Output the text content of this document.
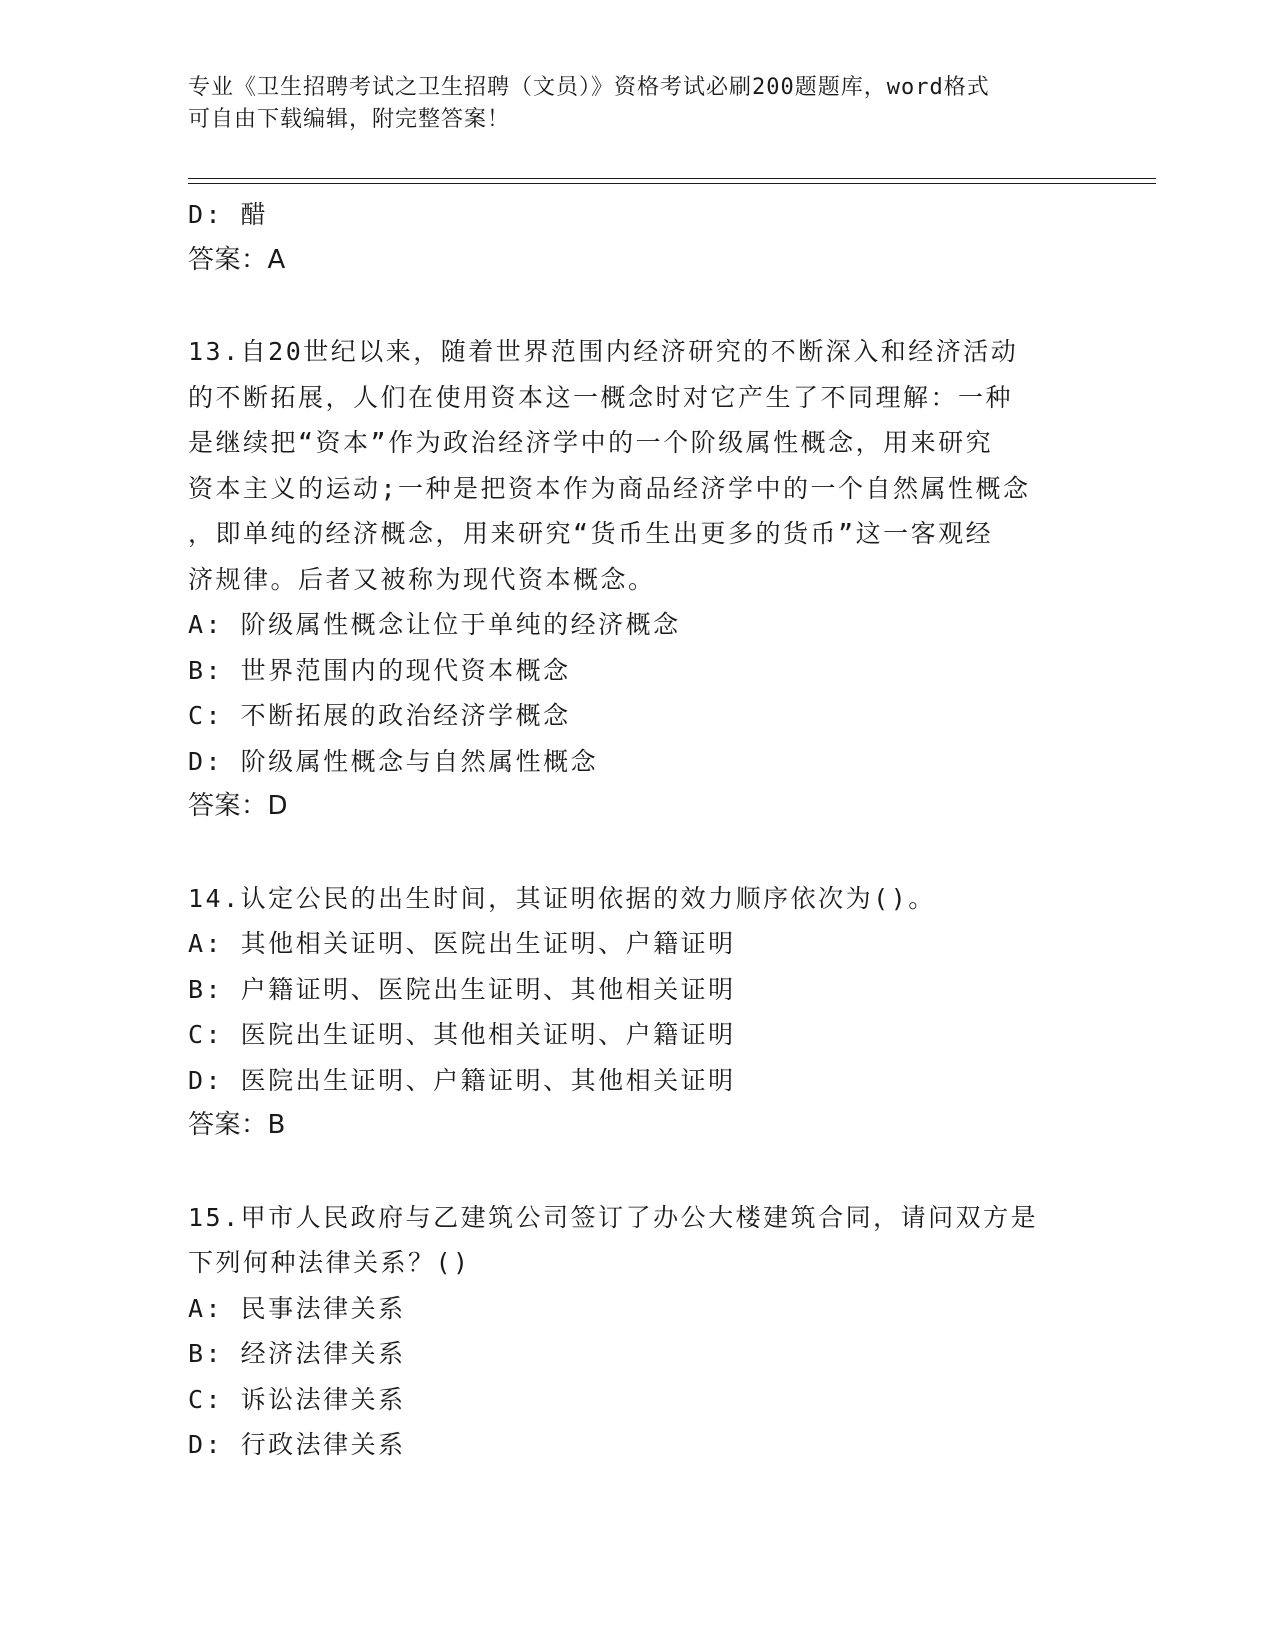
专业《卫生招聘考试之卫生招聘（文员）》资格考试必刷200题题库，word格式
可自由下载编辑，附完整答案！
D: 醋
答案：A
13.自20世纪以来，随着世界范围内经济研究的不断深入和经济活动
的不断拓展，人们在使用资本这一概念时对它产生了不同理解：一种
是继续把“资本”作为政治经济学中的一个阶级属性概念，用来研究
资本主义的运动;一种是把资本作为商品经济学中的一个自然属性概念
，即单纯的经济概念，用来研究“货币生出更多的货币”这一客观经
济规律。后者又被称为现代资本概念。
A: 阶级属性概念让位于单纯的经济概念
B: 世界范围内的现代资本概念
C: 不断拓展的政治经济学概念
D: 阶级属性概念与自然属性概念
答案：D
14.认定公民的出生时间，其证明依据的效力顺序依次为()。
A: 其他相关证明、医院出生证明、户籍证明
B: 户籍证明、医院出生证明、其他相关证明
C: 医院出生证明、其他相关证明、户籍证明
D: 医院出生证明、户籍证明、其他相关证明
答案：B
15.甲市人民政府与乙建筑公司签订了办公大楼建筑合同，请问双方是
下列何种法律关系？()
A: 民事法律关系
B: 经济法律关系
C: 诉讼法律关系
D: 行政法律关系
